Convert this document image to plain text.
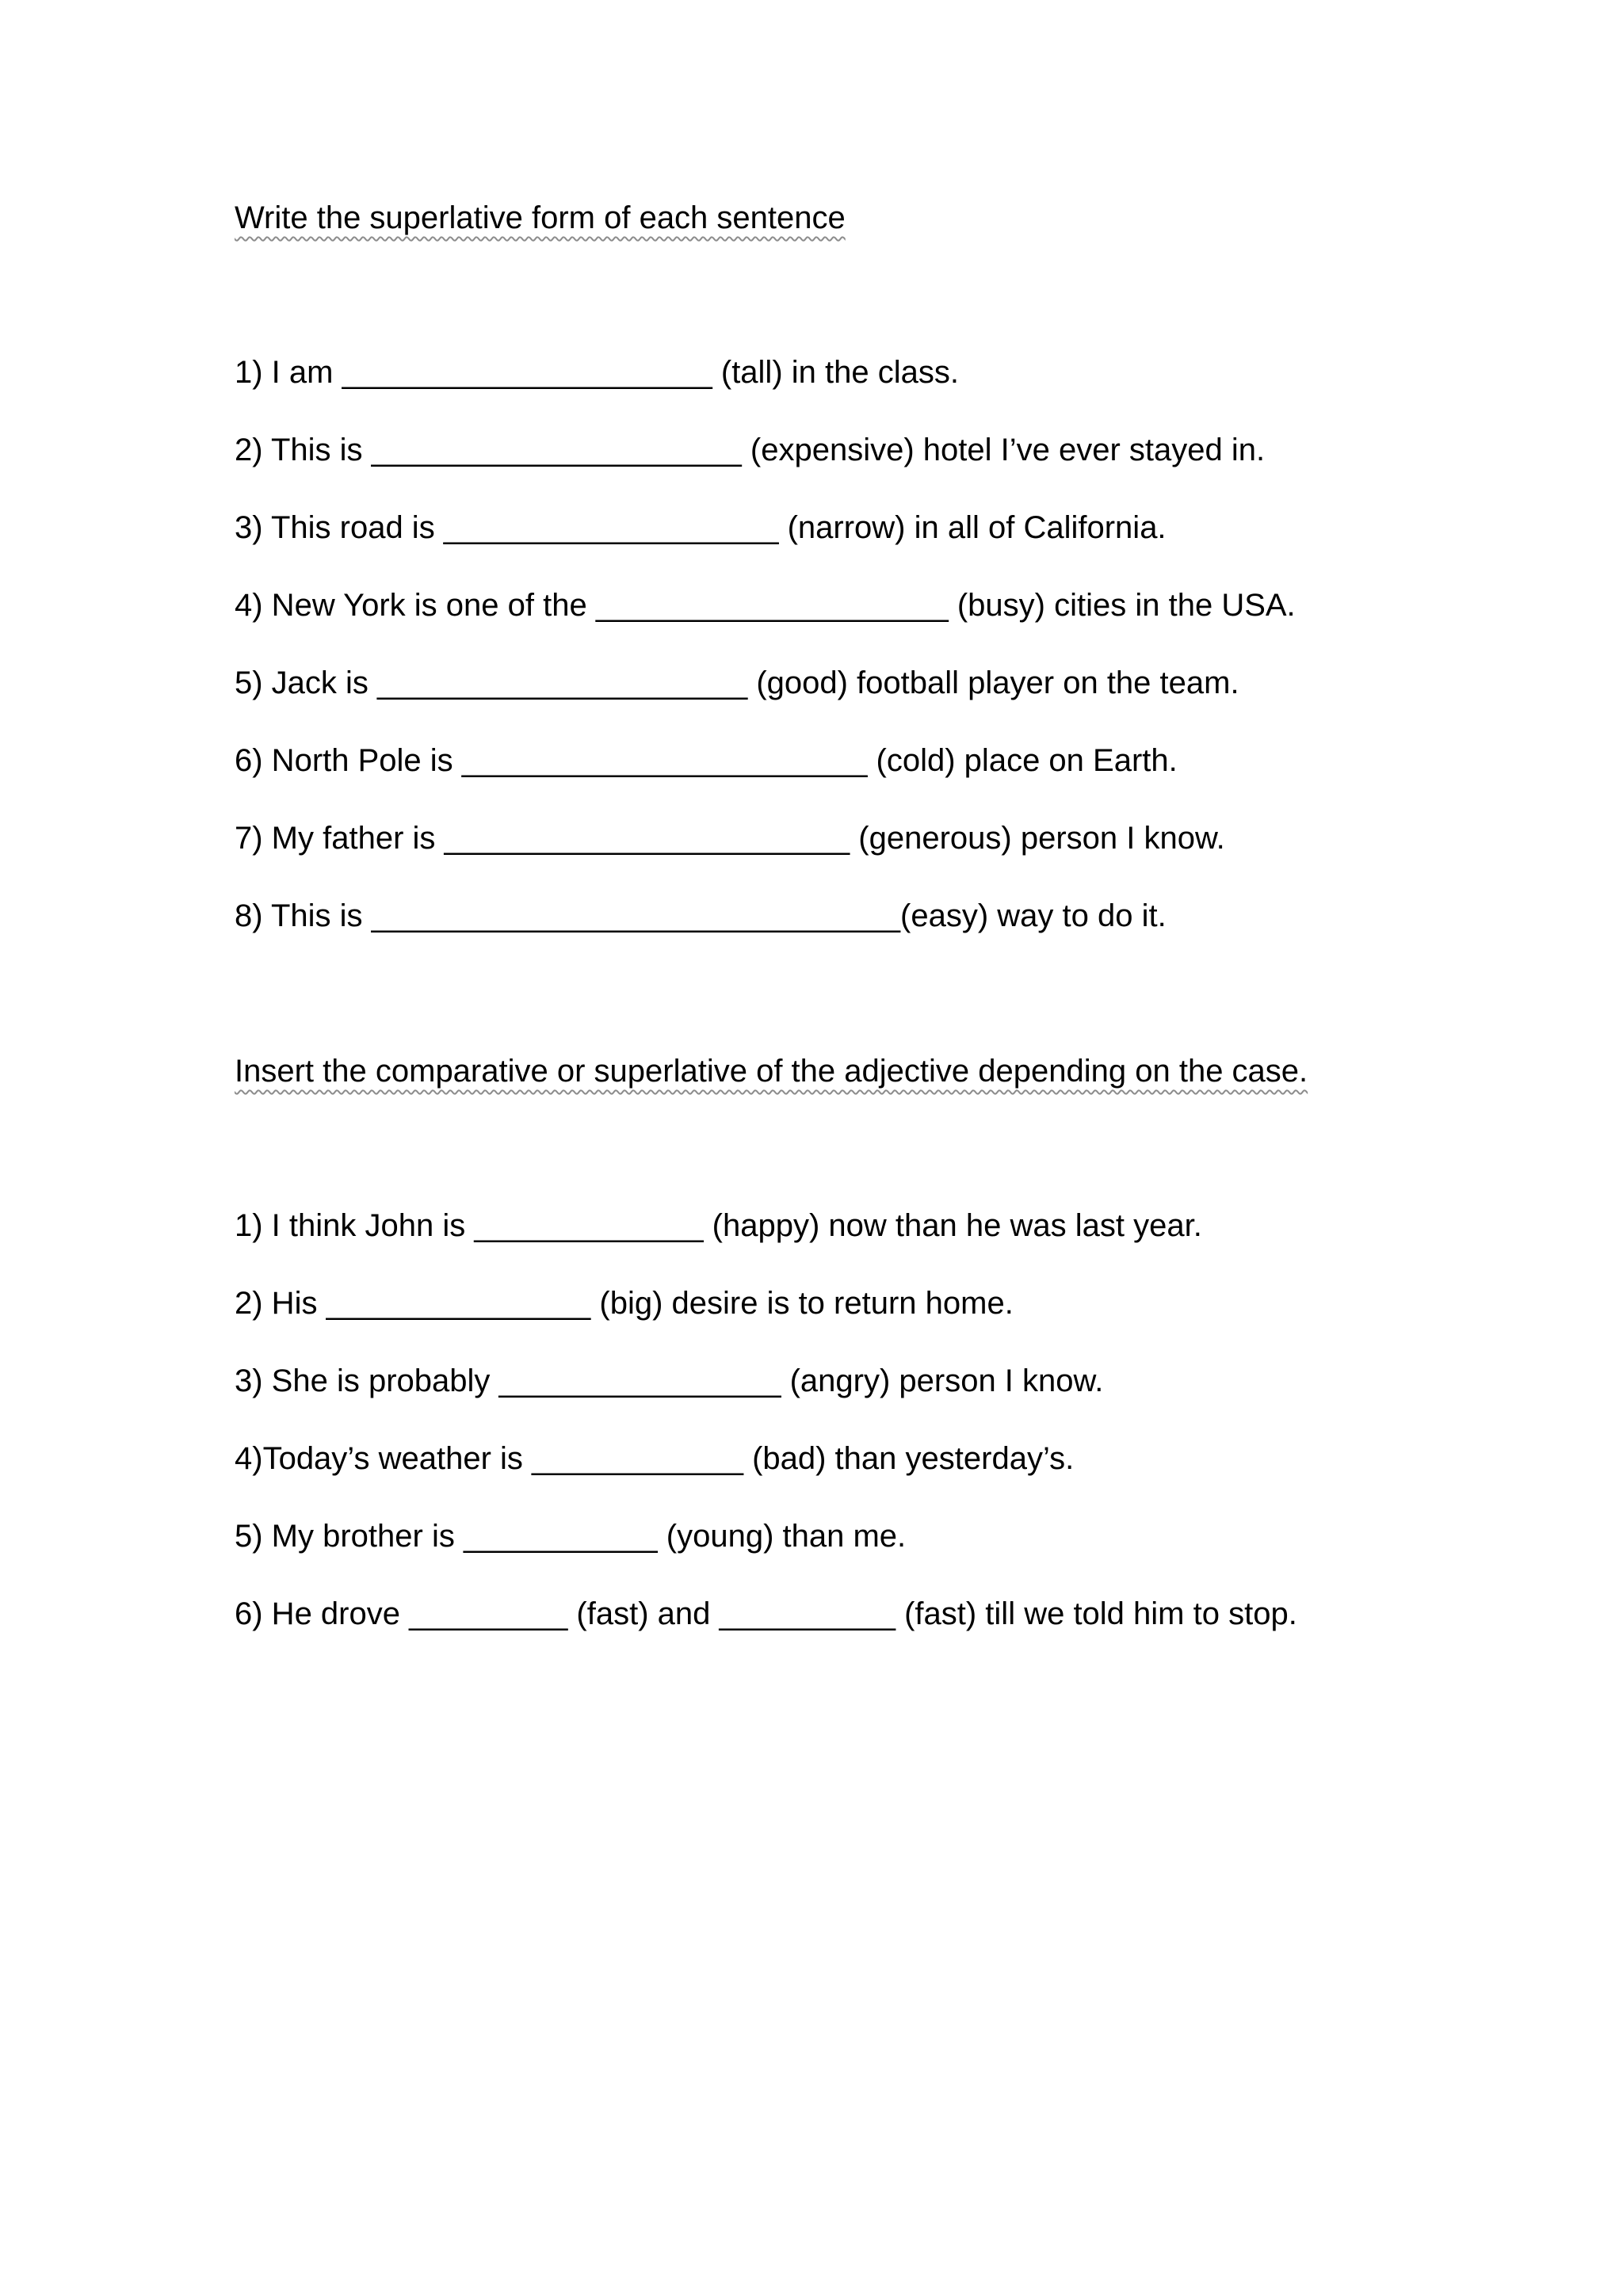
Write the superlative form of each sentence
1) I am _____________________ (tall) in the class.
2) This is _____________________ (expensive) hotel I’ve ever stayed in.
3) This road is ___________________ (narrow) in all of California.
4) New York is one of the ____________________ (busy) cities in the USA.
5) Jack is _____________________ (good) football player on the team.
6) North Pole is _______________________ (cold) place on Earth.
7) My father is _______________________ (generous) person I know.
8) This is ______________________________(easy) way to do it.
Insert the comparative or superlative of the adjective depending on the case.
1) I think John is _____________ (happy) now than he was last year.
2) His _______________ (big) desire is to return home.
3) She is probably ________________ (angry) person I know.
4)Today’s weather is ____________ (bad) than yesterday’s.
5) My brother is ___________ (young) than me.
6) He drove _________ (fast) and __________ (fast) till we told him to stop.
